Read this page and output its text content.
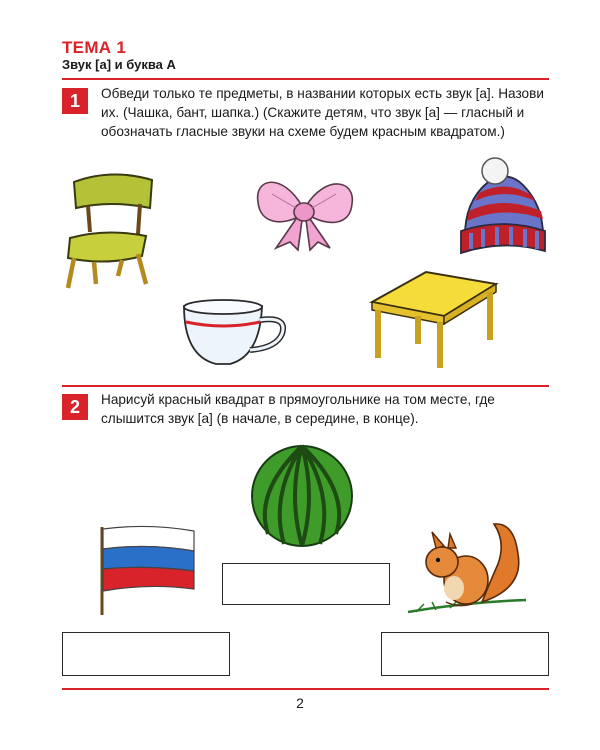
ТЕМА 1
Звук [а] и буква А
1	Обведи только те предметы, в названии которых есть звук [а]. Назови их. (Чашка, бант, шапка.) (Скажите детям, что звук [а] — гласный и обозначать гласные звуки на схеме будем красным квадратом.)
2	Нарисуй красный квадрат в прямоугольнике на том месте, где слышится звук [а] (в начале, в середине, в конце).
2
